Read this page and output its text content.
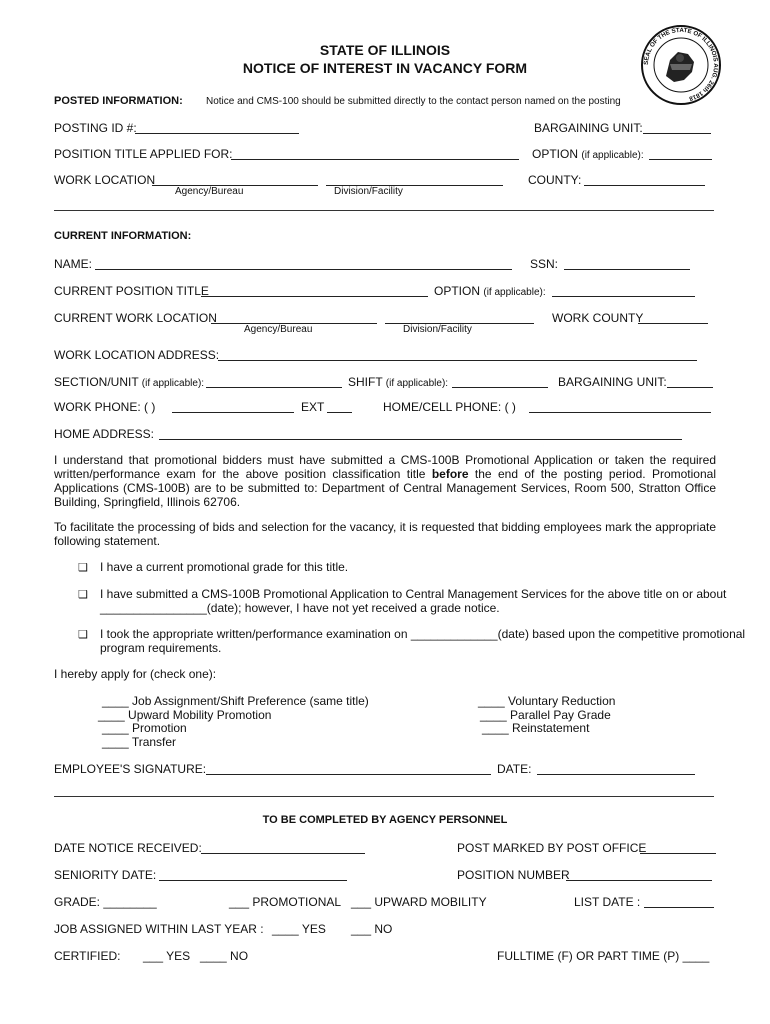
STATE OF ILLINOIS
NOTICE OF INTEREST IN VACANCY FORM	SEAL OF THE STATE OF ILLINOIS AUG. 26th 1818
POSTED INFORMATION: Notice and CMS-100 should be submitted directly to the contact person named on the posting
POSTING ID #:	BARGAINING UNIT:
POSITION TITLE APPLIED FOR:	OPTION (if applicable):
WORK LOCATION	COUNTY:
Agency/Bureau	Division/Facility
CURRENT INFORMATION:
NAME:	SSN:
CURRENT POSITION TITLE	OPTION (if applicable):
CURRENT WORK LOCATION	WORK COUNTY
Agency/Bureau	Division/Facility
WORK LOCATION ADDRESS:
SECTION/UNIT (if applicable):	SHIFT (if applicable):	BARGAINING UNIT:
WORK PHONE: ( )	EXT	HOME/CELL PHONE: ( )
HOME ADDRESS:
I understand that promotional bidders must have submitted a CMS-100B Promotional Application or taken the required written/performance exam for the above position classification title before the end of the posting period. Promotional Applications (CMS-100B) are to be submitted to: Department of Central Management Services, Room 500, Stratton Office Building, Springfield, Illinois 62706.
To facilitate the processing of bids and selection for the vacancy, it is requested that bidding employees mark the appropriate following statement.
❑ I have a current promotional grade for this title.
❑ I have submitted a CMS-100B Promotional Application to Central Management Services for the above title on or about
________________(date); however, I have not yet received a grade notice.
❑ I took the appropriate written/performance examination on _____________(date) based upon the competitive promotional
program requirements.
I hereby apply for (check one):
____ Job Assignment/Shift Preference (same title)
____ Upward Mobility Promotion
____ Promotion
____ Transfer
____ Voluntary Reduction
____ Parallel Pay Grade
____ Reinstatement
EMPLOYEE'S SIGNATURE:	DATE:
TO BE COMPLETED BY AGENCY PERSONNEL
DATE NOTICE RECEIVED:	POST MARKED BY POST OFFICE
SENIORITY DATE:	POSITION NUMBER
GRADE: ________	___ PROMOTIONAL ___ UPWARD MOBILITY	LIST DATE :
JOB ASSIGNED WITHIN LAST YEAR : ____ YES ___ NO
CERTIFIED: ___ YES ____ NO	FULLTIME (F) OR PART TIME (P) ____
